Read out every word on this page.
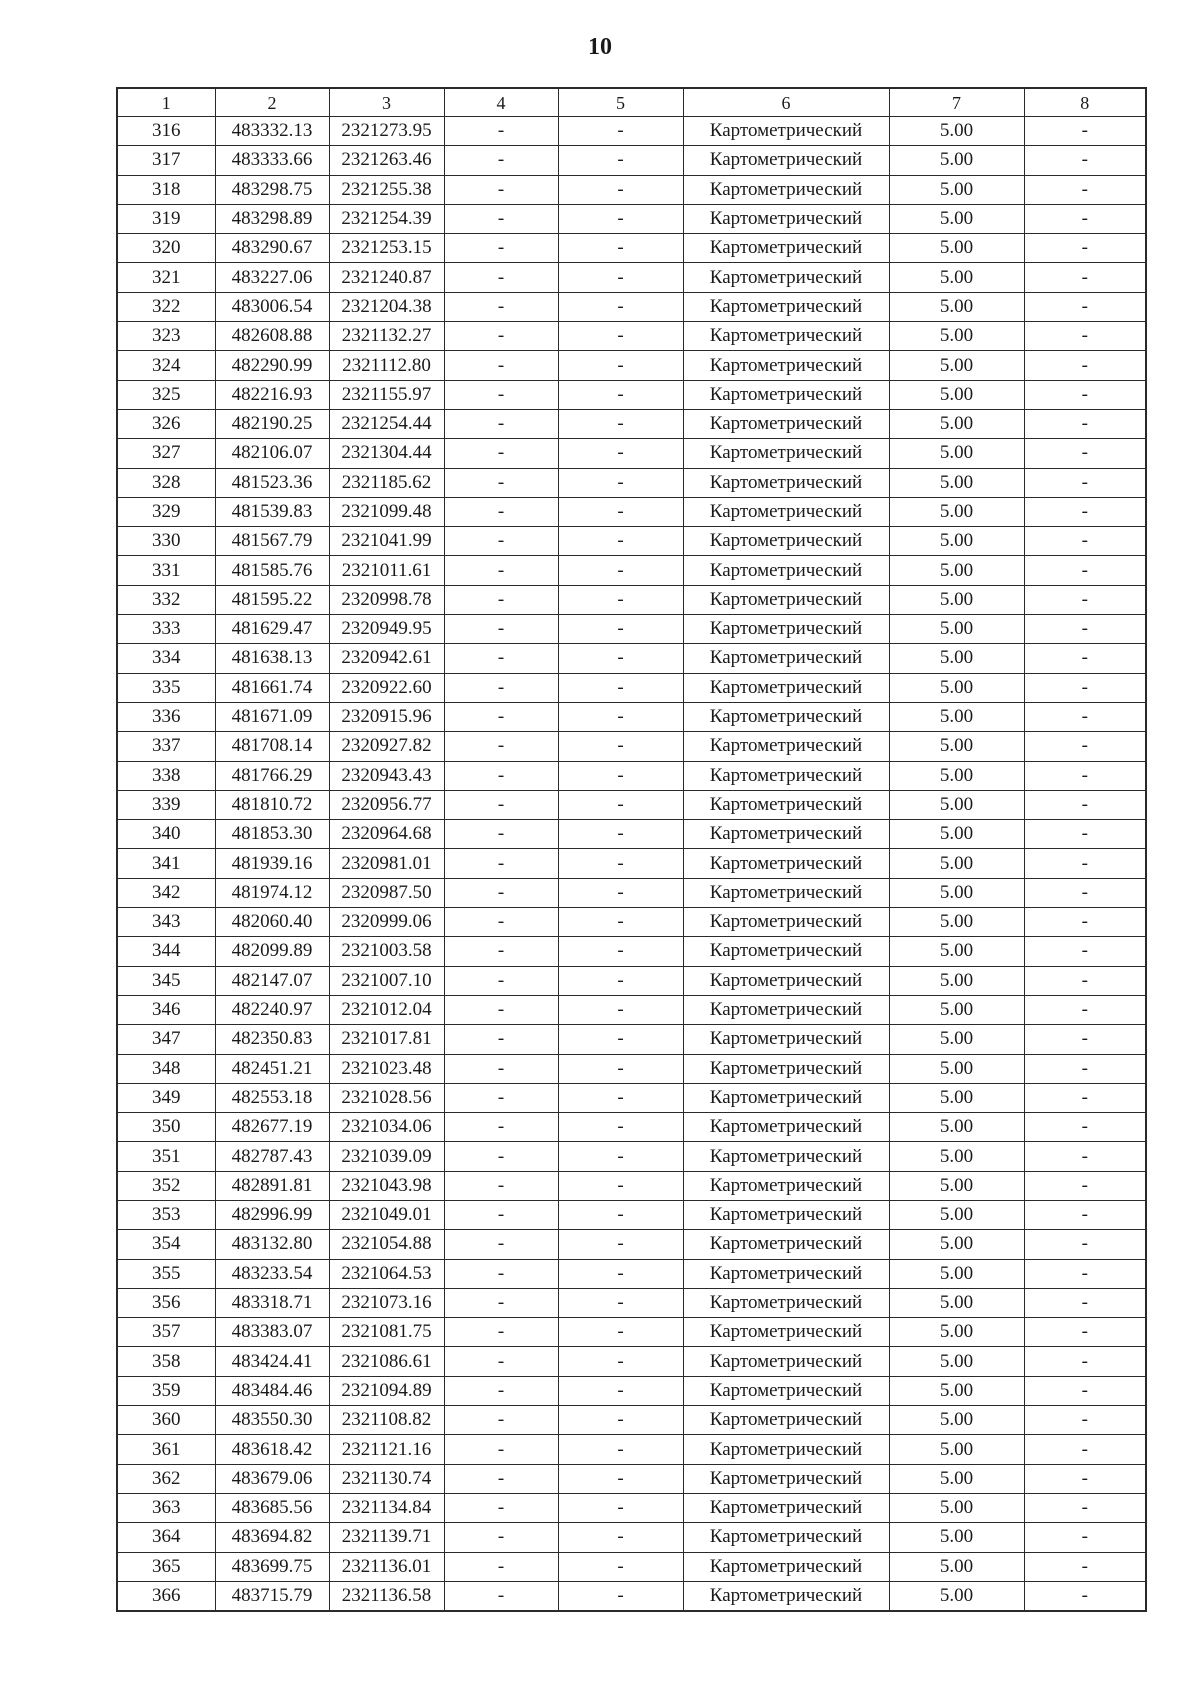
10
1	2	3	4	5	6	7	8
316	483332.13	2321273.95	-	-	Картометрический	5.00	-
317	483333.66	2321263.46	-	-	Картометрический	5.00	-
318	483298.75	2321255.38	-	-	Картометрический	5.00	-
319	483298.89	2321254.39	-	-	Картометрический	5.00	-
320	483290.67	2321253.15	-	-	Картометрический	5.00	-
321	483227.06	2321240.87	-	-	Картометрический	5.00	-
322	483006.54	2321204.38	-	-	Картометрический	5.00	-
323	482608.88	2321132.27	-	-	Картометрический	5.00	-
324	482290.99	2321112.80	-	-	Картометрический	5.00	-
325	482216.93	2321155.97	-	-	Картометрический	5.00	-
326	482190.25	2321254.44	-	-	Картометрический	5.00	-
327	482106.07	2321304.44	-	-	Картометрический	5.00	-
328	481523.36	2321185.62	-	-	Картометрический	5.00	-
329	481539.83	2321099.48	-	-	Картометрический	5.00	-
330	481567.79	2321041.99	-	-	Картометрический	5.00	-
331	481585.76	2321011.61	-	-	Картометрический	5.00	-
332	481595.22	2320998.78	-	-	Картометрический	5.00	-
333	481629.47	2320949.95	-	-	Картометрический	5.00	-
334	481638.13	2320942.61	-	-	Картометрический	5.00	-
335	481661.74	2320922.60	-	-	Картометрический	5.00	-
336	481671.09	2320915.96	-	-	Картометрический	5.00	-
337	481708.14	2320927.82	-	-	Картометрический	5.00	-
338	481766.29	2320943.43	-	-	Картометрический	5.00	-
339	481810.72	2320956.77	-	-	Картометрический	5.00	-
340	481853.30	2320964.68	-	-	Картометрический	5.00	-
341	481939.16	2320981.01	-	-	Картометрический	5.00	-
342	481974.12	2320987.50	-	-	Картометрический	5.00	-
343	482060.40	2320999.06	-	-	Картометрический	5.00	-
344	482099.89	2321003.58	-	-	Картометрический	5.00	-
345	482147.07	2321007.10	-	-	Картометрический	5.00	-
346	482240.97	2321012.04	-	-	Картометрический	5.00	-
347	482350.83	2321017.81	-	-	Картометрический	5.00	-
348	482451.21	2321023.48	-	-	Картометрический	5.00	-
349	482553.18	2321028.56	-	-	Картометрический	5.00	-
350	482677.19	2321034.06	-	-	Картометрический	5.00	-
351	482787.43	2321039.09	-	-	Картометрический	5.00	-
352	482891.81	2321043.98	-	-	Картометрический	5.00	-
353	482996.99	2321049.01	-	-	Картометрический	5.00	-
354	483132.80	2321054.88	-	-	Картометрический	5.00	-
355	483233.54	2321064.53	-	-	Картометрический	5.00	-
356	483318.71	2321073.16	-	-	Картометрический	5.00	-
357	483383.07	2321081.75	-	-	Картометрический	5.00	-
358	483424.41	2321086.61	-	-	Картометрический	5.00	-
359	483484.46	2321094.89	-	-	Картометрический	5.00	-
360	483550.30	2321108.82	-	-	Картометрический	5.00	-
361	483618.42	2321121.16	-	-	Картометрический	5.00	-
362	483679.06	2321130.74	-	-	Картометрический	5.00	-
363	483685.56	2321134.84	-	-	Картометрический	5.00	-
364	483694.82	2321139.71	-	-	Картометрический	5.00	-
365	483699.75	2321136.01	-	-	Картометрический	5.00	-
366	483715.79	2321136.58	-	-	Картометрический	5.00	-
